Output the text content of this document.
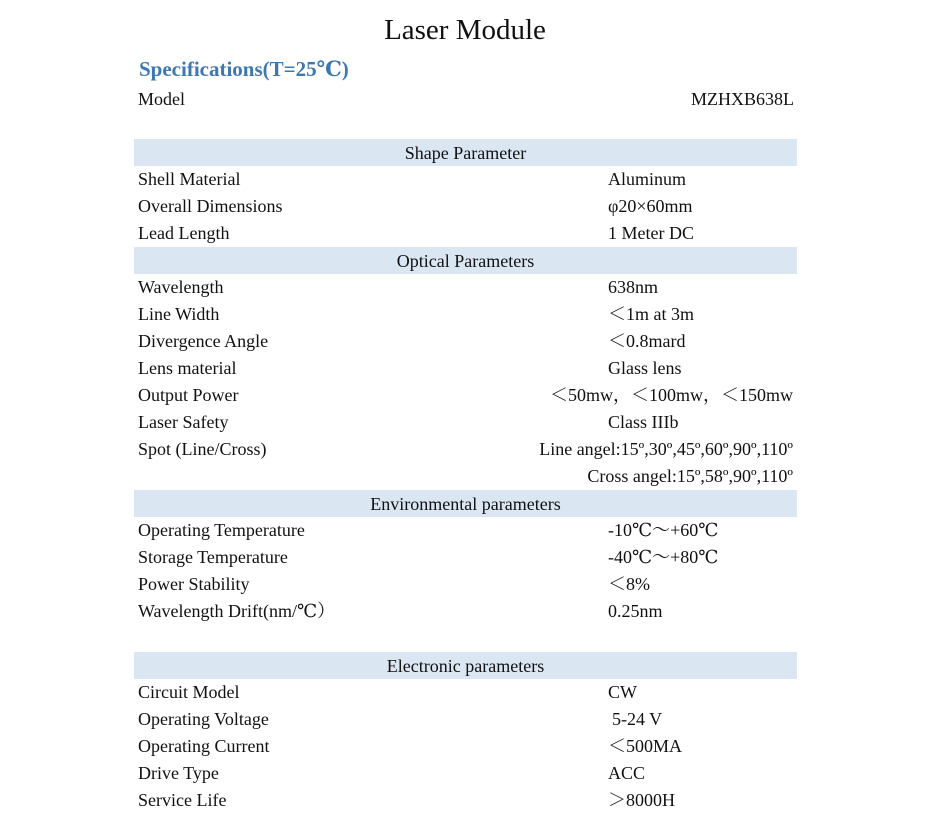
Laser Module
Specifications(T=25℃)
Model	MZHXB638L
Shape Parameter
Shell Material	Aluminum
Overall Dimensions	φ20×60mm
Lead Length	1 Meter DC
Optical Parameters
Wavelength	638nm
Line Width	＜1m at 3m
Divergence Angle	＜0.8mard
Lens material	Glass lens
Output Power	＜50mw，＜100mw，＜150mw
Laser Safety	Class IIIb
Spot (Line/Cross)	Line angel:15º,30º,45º,60º,90º,110º
Cross angel:15º,58º,90º,110º
Environmental parameters
Operating Temperature	-10℃～+60℃
Storage Temperature	-40℃～+80℃
Power Stability	＜8%
Wavelength Drift(nm/℃）	0.25nm
Electronic parameters
Circuit Model	CW
Operating Voltage	5-24 V
Operating Current	＜500MA
Drive Type	ACC
Service Life	＞8000H
